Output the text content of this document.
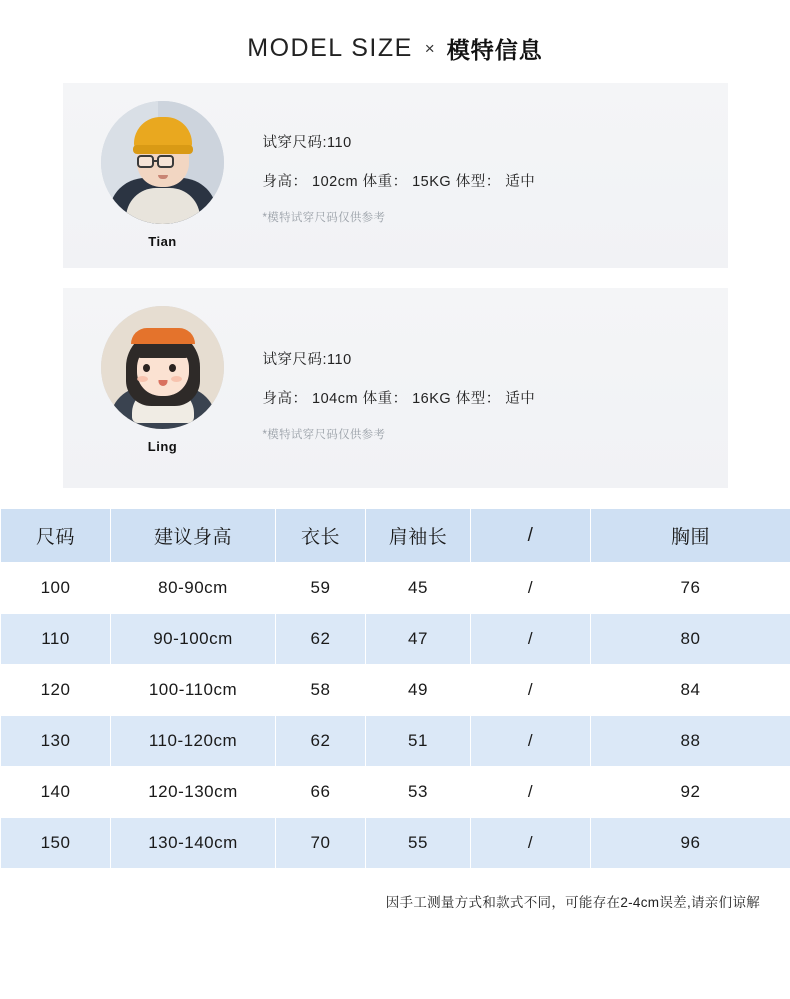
MODEL SIZE × 模特信息
Tian
试穿尺码:110
身高： 102cm 体重： 15KG 体型： 适中
*模特试穿尺码仅供参考
Ling
试穿尺码:110
身高： 104cm 体重： 16KG 体型： 适中
*模特试穿尺码仅供参考
尺码	建议身高	衣长	肩袖长	/	胸围
100	80-90cm	59	45	/	76
110	90-100cm	62	47	/	80
120	100-110cm	58	49	/	84
130	110-120cm	62	51	/	88
140	120-130cm	66	53	/	92
150	130-140cm	70	55	/	96
因手工测量方式和款式不同，可能存在2-4cm误差,请亲们谅解
